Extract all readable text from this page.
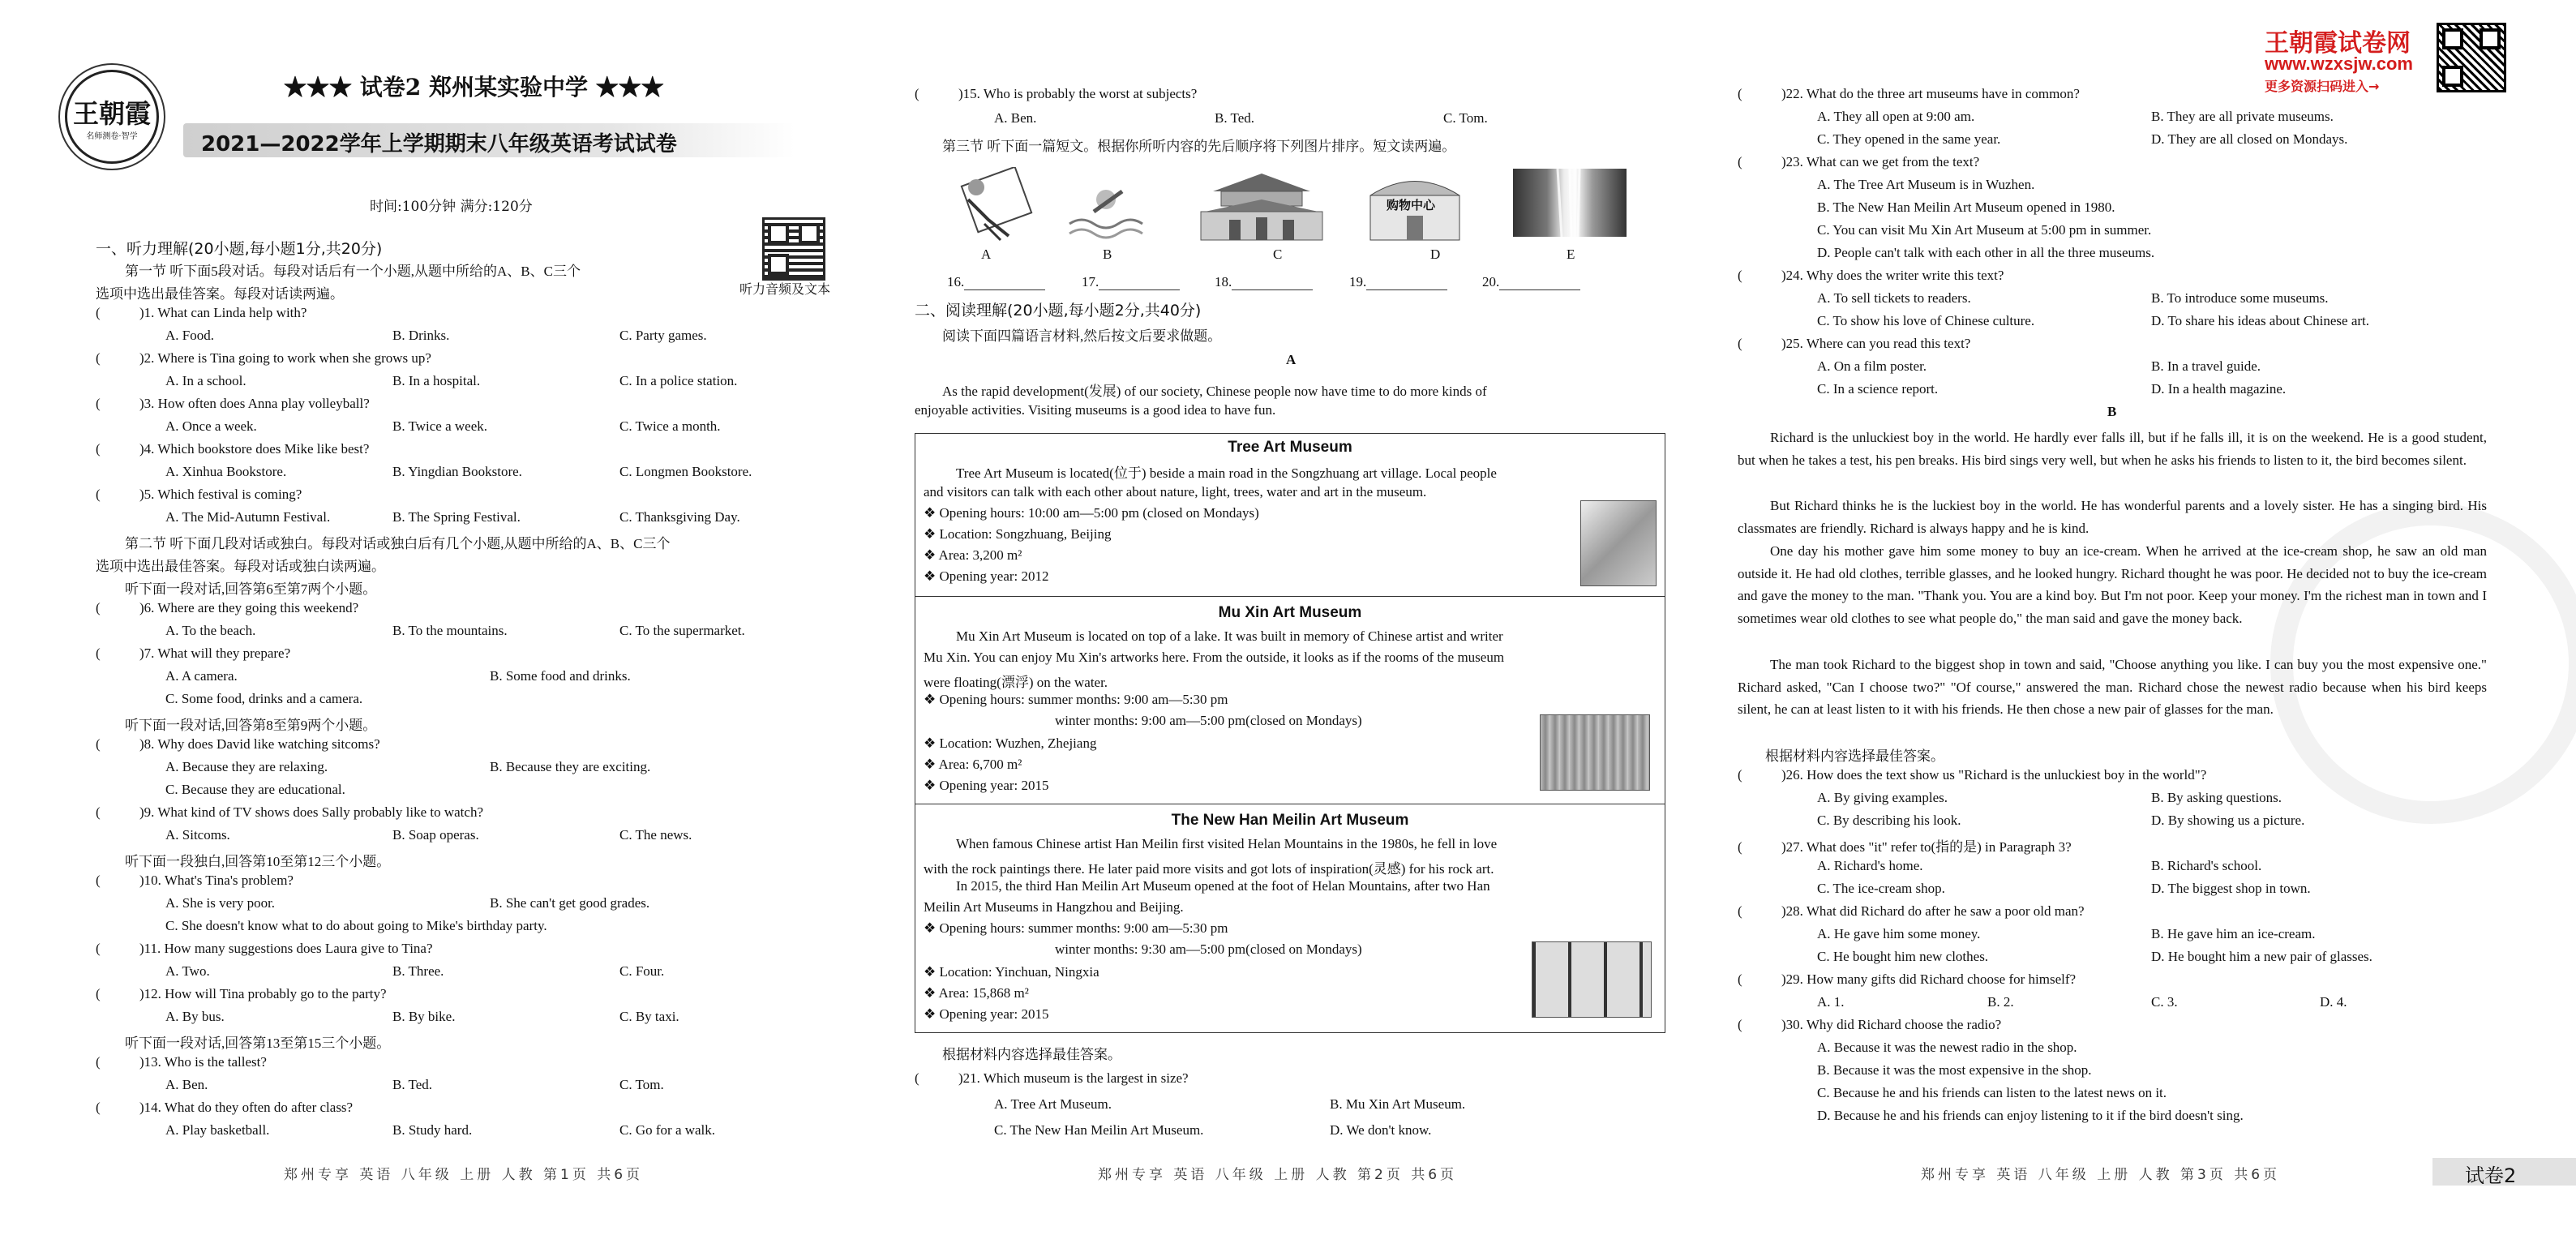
王朝霞
名师测卷·智学
★★★ 试卷2 郑州某实验中学 ★★★
2021—2022学年上学期期末八年级英语考试试卷
时间:100分钟 满分:120分
听力音频及文本
王朝霞试卷网
www.wzxsjw.com
更多资源扫码进入→
试卷2
一、听力理解(20小题,每小题1分,共20分)
第一节 听下面5段对话。每段对话后有一个小题,从题中所给的A、B、C三个
选项中选出最佳答案。每段对话读两遍。
(	)1. What can Linda help with?
A. Food.	B. Drinks.	C. Party games.
(	)2. Where is Tina going to work when she grows up?
A. In a school.	B. In a hospital.	C. In a police station.
(	)3. How often does Anna play volleyball?
A. Once a week.	B. Twice a week.	C. Twice a month.
(	)4. Which bookstore does Mike like best?
A. Xinhua Bookstore.	B. Yingdian Bookstore.	C. Longmen Bookstore.
(	)5. Which festival is coming?
A. The Mid-Autumn Festival.	B. The Spring Festival.	C. Thanksgiving Day.
第二节 听下面几段对话或独白。每段对话或独白后有几个小题,从题中所给的A、B、C三个
选项中选出最佳答案。每段对话或独白读两遍。
听下面一段对话,回答第6至第7两个小题。
(	)6. Where are they going this weekend?
A. To the beach.	B. To the mountains.	C. To the supermarket.
(	)7. What will they prepare?
A. A camera.	B. Some food and drinks.
C. Some food, drinks and a camera.
听下面一段对话,回答第8至第9两个小题。
(	)8. Why does David like watching sitcoms?
A. Because they are relaxing.	B. Because they are exciting.
C. Because they are educational.
(	)9. What kind of TV shows does Sally probably like to watch?
A. Sitcoms.	B. Soap operas.	C. The news.
听下面一段独白,回答第10至第12三个小题。
(	)10. What's Tina's problem?
A. She is very poor.	B. She can't get good grades.
C. She doesn't know what to do about going to Mike's birthday party.
(	)11. How many suggestions does Laura give to Tina?
A. Two.	B. Three.	C. Four.
(	)12. How will Tina probably go to the party?
A. By bus.	B. By bike.	C. By taxi.
听下面一段对话,回答第13至第15三个小题。
(	)13. Who is the tallest?
A. Ben.	B. Ted.	C. Tom.
(	)14. What do they often do after class?
A. Play basketball.	B. Study hard.	C. Go for a walk.
郑州专享 英语 八年级 上册 人教 第1页 共6页
(	)15. Who is probably the worst at subjects?
A. Ben.	B. Ted.	C. Tom.
第三节 听下面一篇短文。根据你所听内容的先后顺序将下列图片排序。短文读两遍。
购物中心
A	B	C	D	E
16.	17.	18.	19.	20.
二、阅读理解(20小题,每小题2分,共40分)
阅读下面四篇语言材料,然后按文后要求做题。
A
As the rapid development(发展) of our society, Chinese people now have time to do more kinds of
enjoyable activities. Visiting museums is a good idea to have fun.
Tree Art Museum
Tree Art Museum is located(位于) beside a main road in the Songzhuang art village. Local people
and visitors can talk with each other about nature, light, trees, water and art in the museum.
❖ Opening hours: 10:00 am—5:00 pm (closed on Mondays)
❖ Location: Songzhuang, Beijing
❖ Area: 3,200 m²
❖ Opening year: 2012
Mu Xin Art Museum
Mu Xin Art Museum is located on top of a lake. It was built in memory of Chinese artist and writer
Mu Xin. You can enjoy Mu Xin's artworks here. From the outside, it looks as if the rooms of the museum
were floating(漂浮) on the water.
❖ Opening hours: summer months: 9:00 am—5:30 pm
winter months: 9:00 am—5:00 pm(closed on Mondays)
❖ Location: Wuzhen, Zhejiang
❖ Area: 6,700 m²
❖ Opening year: 2015
The New Han Meilin Art Museum
When famous Chinese artist Han Meilin first visited Helan Mountains in the 1980s, he fell in love
with the rock paintings there. He later paid more visits and got lots of inspiration(灵感) for his rock art.
In 2015, the third Han Meilin Art Museum opened at the foot of Helan Mountains, after two Han
Meilin Art Museums in Hangzhou and Beijing.
❖ Opening hours: summer months: 9:00 am—5:30 pm
winter months: 9:30 am—5:00 pm(closed on Mondays)
❖ Location: Yinchuan, Ningxia
❖ Area: 15,868 m²
❖ Opening year: 2015
根据材料内容选择最佳答案。
(	)21. Which museum is the largest in size?
A. Tree Art Museum.	B. Mu Xin Art Museum.
C. The New Han Meilin Art Museum.	D. We don't know.
郑州专享 英语 八年级 上册 人教 第2页 共6页
(	)22. What do the three art museums have in common?
A. They all open at 9:00 am.	B. They are all private museums.
C. They opened in the same year.	D. They are all closed on Mondays.
(	)23. What can we get from the text?
A. The Tree Art Museum is in Wuzhen.
B. The New Han Meilin Art Museum opened in 1980.
C. You can visit Mu Xin Art Museum at 5:00 pm in summer.
D. People can't talk with each other in all the three museums.
(	)24. Why does the writer write this text?
A. To sell tickets to readers.	B. To introduce some museums.
C. To show his love of Chinese culture.	D. To share his ideas about Chinese art.
(	)25. Where can you read this text?
A. On a film poster.	B. In a travel guide.
C. In a science report.	D. In a health magazine.
B
Richard is the unluckiest boy in the world. He hardly ever falls ill, but if he falls ill, it is on the weekend. He is a good student, but when he takes a test, his pen breaks. His bird sings very well, but when he asks his friends to listen to it, the bird becomes silent.
But Richard thinks he is the luckiest boy in the world. He has wonderful parents and a lovely sister. He has a singing bird. His classmates are friendly. Richard is always happy and he is kind.
One day his mother gave him some money to buy an ice-cream. When he arrived at the ice-cream shop, he saw an old man outside it. He had old clothes, terrible glasses, and he looked hungry. Richard thought he was poor. He decided not to buy the ice-cream and gave the money to the man. "Thank you. You are a kind boy. But I'm not poor. Keep your money. I'm the richest man in town and I sometimes wear old clothes to see what people do," the man said and gave the money back.
The man took Richard to the biggest shop in town and said, "Choose anything you like. I can buy you the most expensive one." Richard asked, "Can I choose two?" "Of course," answered the man. Richard chose the newest radio because when his bird keeps silent, he can at least listen to it with his friends. He then chose a new pair of glasses for the man.
根据材料内容选择最佳答案。
(	)26. How does the text show us "Richard is the unluckiest boy in the world"?
A. By giving examples.	B. By asking questions.
C. By describing his look.	D. By showing us a picture.
(	)27. What does "it" refer to(指的是) in Paragraph 3?
A. Richard's home.	B. Richard's school.
C. The ice-cream shop.	D. The biggest shop in town.
(	)28. What did Richard do after he saw a poor old man?
A. He gave him some money.	B. He gave him an ice-cream.
C. He bought him new clothes.	D. He bought him a new pair of glasses.
(	)29. How many gifts did Richard choose for himself?
A. 1.	B. 2.	C. 3.	D. 4.
(	)30. Why did Richard choose the radio?
A. Because it was the newest radio in the shop.
B. Because it was the most expensive in the shop.
C. Because he and his friends can listen to the latest news on it.
D. Because he and his friends can enjoy listening to it if the bird doesn't sing.
郑州专享 英语 八年级 上册 人教 第3页 共6页
